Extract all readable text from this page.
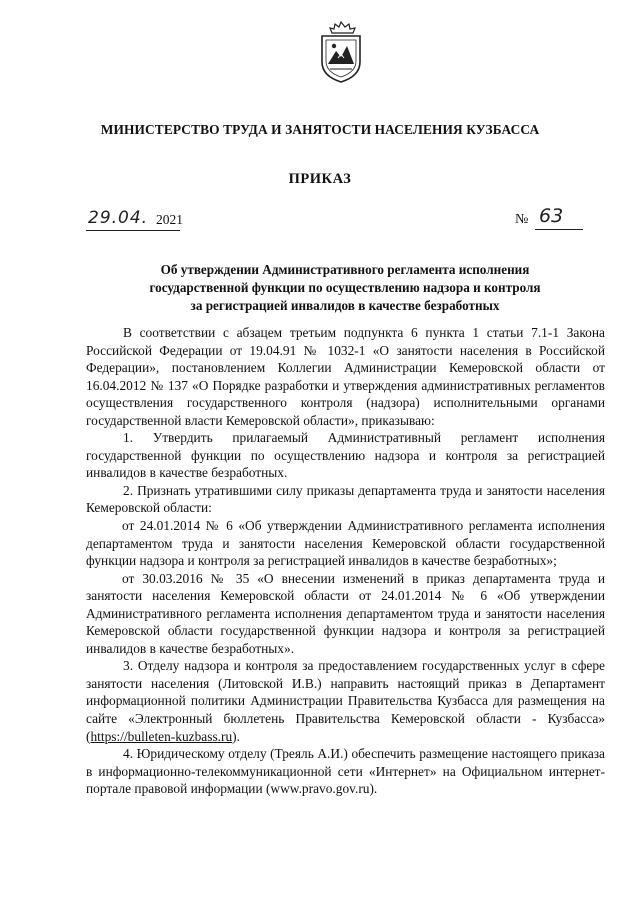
МИНИСТЕРСТВО ТРУДА И ЗАНЯТОСТИ НАСЕЛЕНИЯ КУЗБАССА
ПРИКАЗ
29.04. 2021	№ 63
Об утверждении Административного регламента исполнения
государственной функции по осуществлению надзора и контроля
за регистрацией инвалидов в качестве безработных

В соответствии с абзацем третьим подпункта 6 пункта 1 статьи 7.1-1 Закона Российской Федерации от 19.04.91 № 1032-1 «О занятости населения в Российской Федерации», постановлением Коллегии Администрации Кемеровской области от 16.04.2012 № 137 «О Порядке разработки и утверждения административных регламентов осуществления государственного контроля (надзора) исполнительными органами государственной власти Кемеровской области», приказываю:

1. Утвердить прилагаемый Административный регламент исполнения государственной функции по осуществлению надзора и контроля за регистрацией инвалидов в качестве безработных.

2. Признать утратившими силу приказы департамента труда и занятости населения Кемеровской области:

от 24.01.2014 № 6 «Об утверждении Административного регламента исполнения департаментом труда и занятости населения Кемеровской области государственной функции надзора и контроля за регистрацией инвалидов в качестве безработных»;

от 30.03.2016 № 35 «О внесении изменений в приказ департамента труда и занятости населения Кемеровской области от 24.01.2014 № 6 «Об утверждении Административного регламента исполнения департаментом труда и занятости населения Кемеровской области государственной функции надзора и контроля за регистрацией инвалидов в качестве безработных».

3. Отделу надзора и контроля за предоставлением государственных услуг в сфере занятости населения (Литовской И.В.) направить настоящий приказ в Департамент информационной политики Администрации Правительства Кузбасса для размещения на сайте «Электронный бюллетень Правительства Кемеровской области - Кузбасса» (https://bulleten-kuzbass.ru).

4. Юридическому отделу (Треяль А.И.) обеспечить размещение настоящего приказа в информационно-телекоммуникационной сети «Интернет» на Официальном интернет-портале правовой информации (www.pravo.gov.ru).
